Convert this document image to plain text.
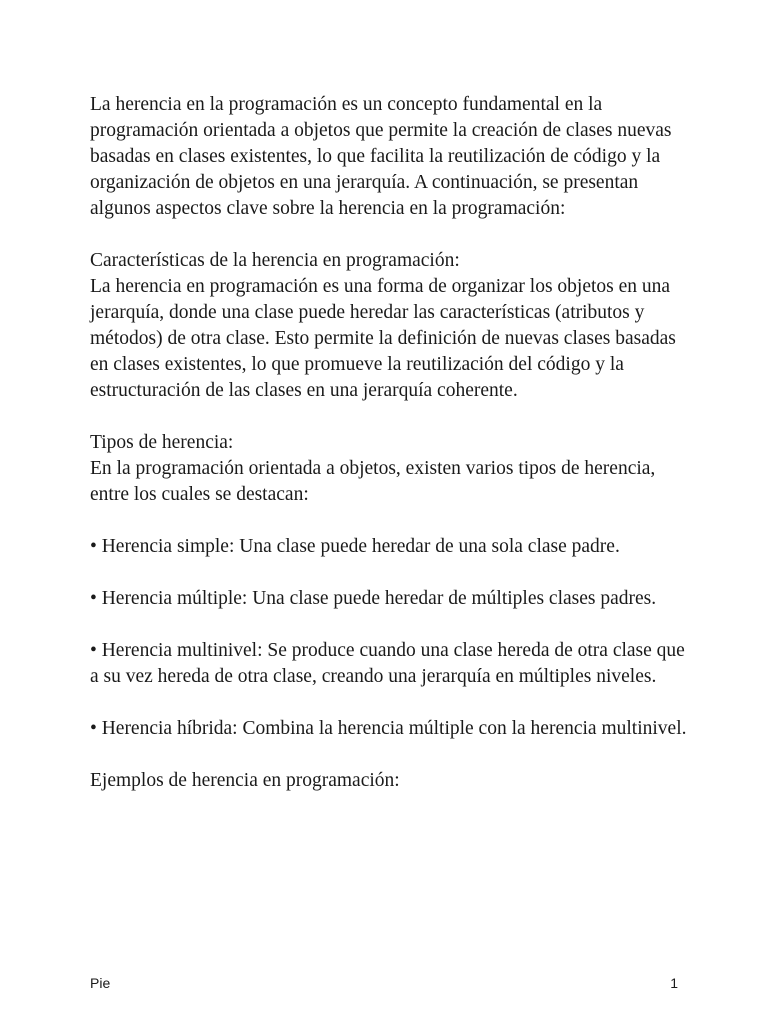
La herencia en la programación es un concepto fundamental en la programación orientada a objetos que permite la creación de clases nuevas basadas en clases existentes, lo que facilita la reutilización de código y la organización de objetos en una jerarquía. A continuación, se presentan algunos aspectos clave sobre la herencia en la programación:

Características de la herencia en programación:

La herencia en programación es una forma de organizar los objetos en una jerarquía, donde una clase puede heredar las características (atributos y métodos) de otra clase. Esto permite la definición de nuevas clases basadas en clases existentes, lo que promueve la reutilización del código y la estructuración de las clases en una jerarquía coherente.

Tipos de herencia:

En la programación orientada a objetos, existen varios tipos de herencia, entre los cuales se destacan:

• Herencia simple: Una clase puede heredar de una sola clase padre.

• Herencia múltiple: Una clase puede heredar de múltiples clases padres.

• Herencia multinivel: Se produce cuando una clase hereda de otra clase que a su vez hereda de otra clase, creando una jerarquía en múltiples niveles.

• Herencia híbrida: Combina la herencia múltiple con la herencia multinivel.

Ejemplos de herencia en programación:

Pie	1
